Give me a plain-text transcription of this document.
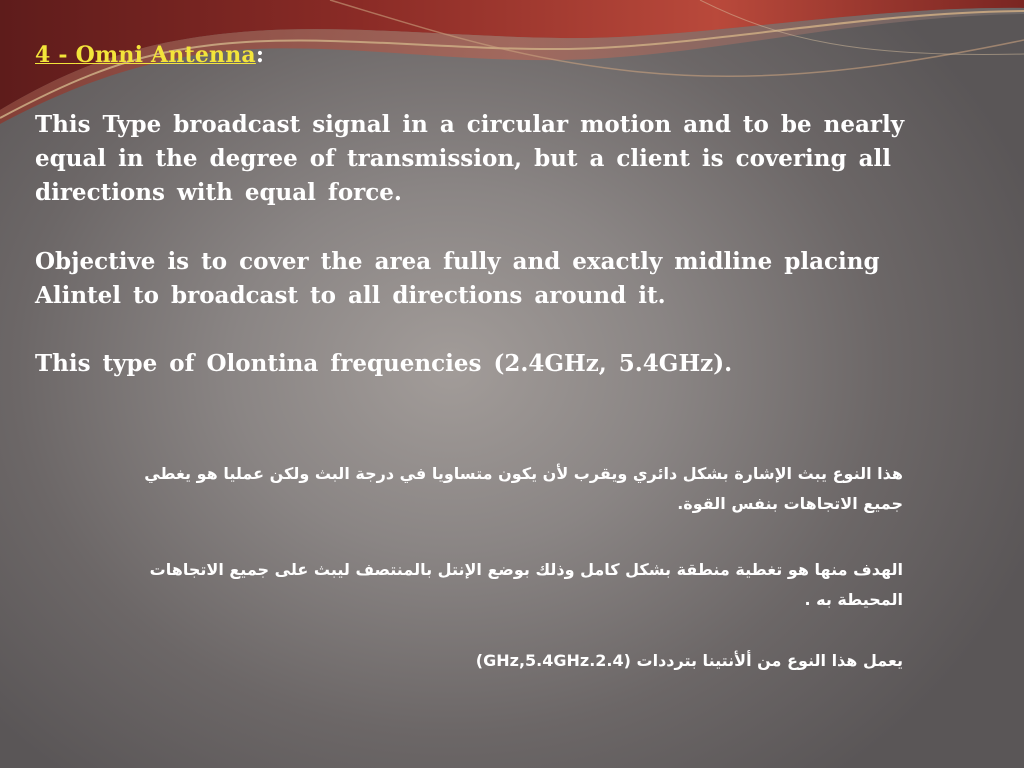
4 - Omni Antenna:

This Type broadcast signal in a circular motion and to be nearly equal in the degree of transmission, but a client is covering all directions with equal force.

Objective is to cover the area fully and exactly midline placing Alintel to broadcast to all directions around it.

This type of Olontina frequencies (2.4GHz, 5.4GHz).

هذا النوع يبث الإشارة بشكل دائري ويقرب لأن يكون متساويا في درجة البث ولكن عمليا هو يغطي جميع الاتجاهات بنفس القوة.

الهدف منها هو تغطية منطقة بشكل كامل وذلك بوضع الإنتل بالمنتصف ليبث على جميع الاتجاهات المحيطة به .

يعمل هذا النوع من ألأنتينا بترددات (2.4.GHz,5.4GHz)
